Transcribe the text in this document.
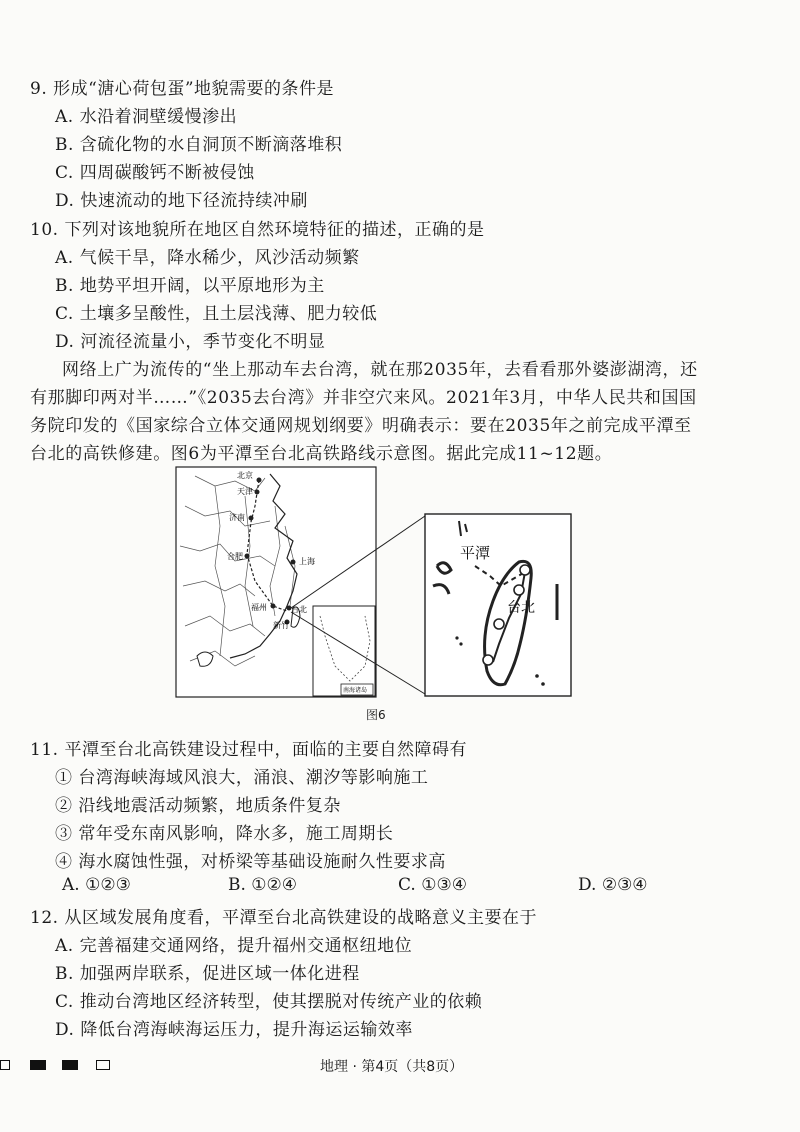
9. 形成“溏心荷包蛋”地貌需要的条件是
A. 水沿着洞壁缓慢渗出
B. 含硫化物的水自洞顶不断滴落堆积
C. 四周碳酸钙不断被侵蚀
D. 快速流动的地下径流持续冲刷
10. 下列对该地貌所在地区自然环境特征的描述，正确的是
A. 气候干旱，降水稀少，风沙活动频繁
B. 地势平坦开阔，以平原地形为主
C. 土壤多呈酸性，且土层浅薄、肥力较低
D. 河流径流量小，季节变化不明显
网络上广为流传的“坐上那动车去台湾，就在那2035年，去看看那外婆澎湖湾，还
有那脚印两对半……”《2035去台湾》并非空穴来风。2021年3月，中华人民共和国国
务院印发的《国家综合立体交通网规划纲要》明确表示：要在2035年之前完成平潭至
台北的高铁修建。图6为平潭至台北高铁路线示意图。据此完成11~12题。
北京
天津
济南
合肥
上海
福州	台北
新竹
南海诸岛
平潭
台北
图6
11. 平潭至台北高铁建设过程中，面临的主要自然障碍有
① 台湾海峡海域风浪大，涌浪、潮汐等影响施工
② 沿线地震活动频繁，地质条件复杂
③ 常年受东南风影响，降水多，施工周期长
④ 海水腐蚀性强，对桥梁等基础设施耐久性要求高
A. ①②③	B. ①②④	C. ①③④	D. ②③④
12. 从区域发展角度看，平潭至台北高铁建设的战略意义主要在于
A. 完善福建交通网络，提升福州交通枢纽地位
B. 加强两岸联系，促进区域一体化进程
C. 推动台湾地区经济转型，使其摆脱对传统产业的依赖
D. 降低台湾海峡海运压力，提升海运运输效率
地理 · 第4页（共8页）
